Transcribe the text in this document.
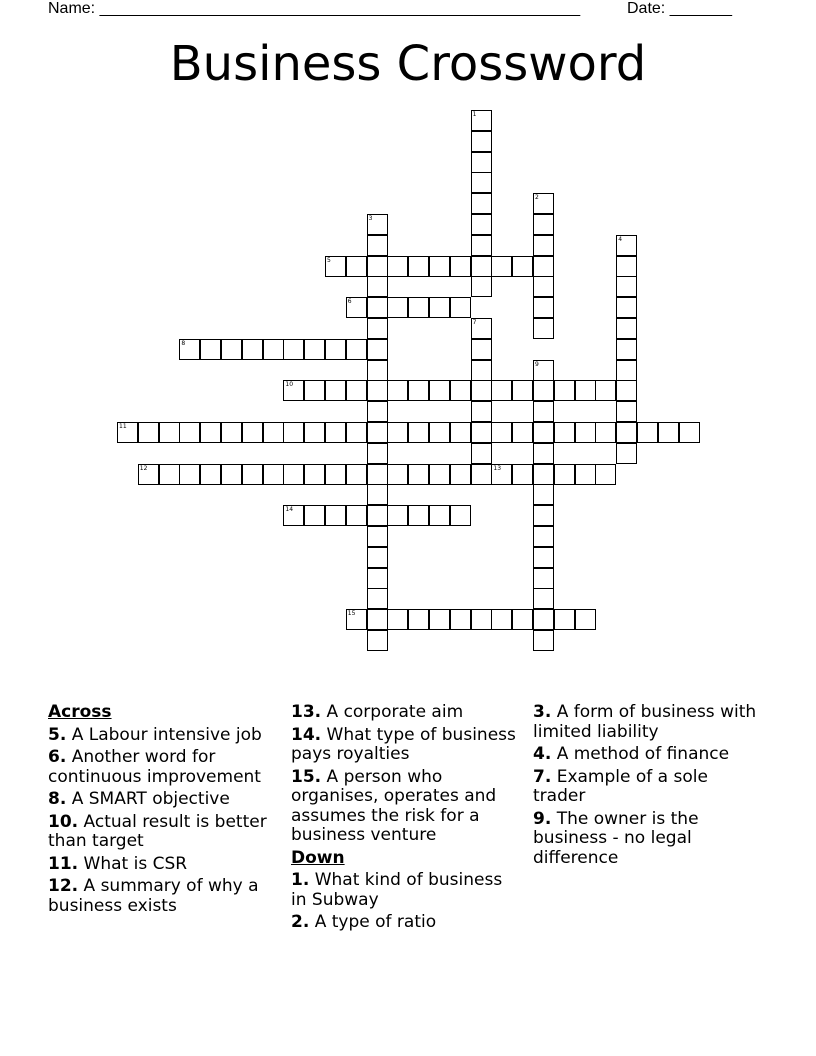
Name: ______________________________________________________	Date: _______
Business Crossword
1
2
3
4
5
6
7
8
9
10
11
12	13
14
15
Across
5. A Labour intensive job
6. Another word for continuous improvement
8. A SMART objective
10. Actual result is better than target
11. What is CSR
12. A summary of why a business exists
13. A corporate aim
14. What type of business pays royalties
15. A person who organises, operates and assumes the risk for a business venture
Down
1. What kind of business in Subway
2. A type of ratio
3. A form of business with limited liability
4. A method of finance
7. Example of a sole trader
9. The owner is the business - no legal difference
